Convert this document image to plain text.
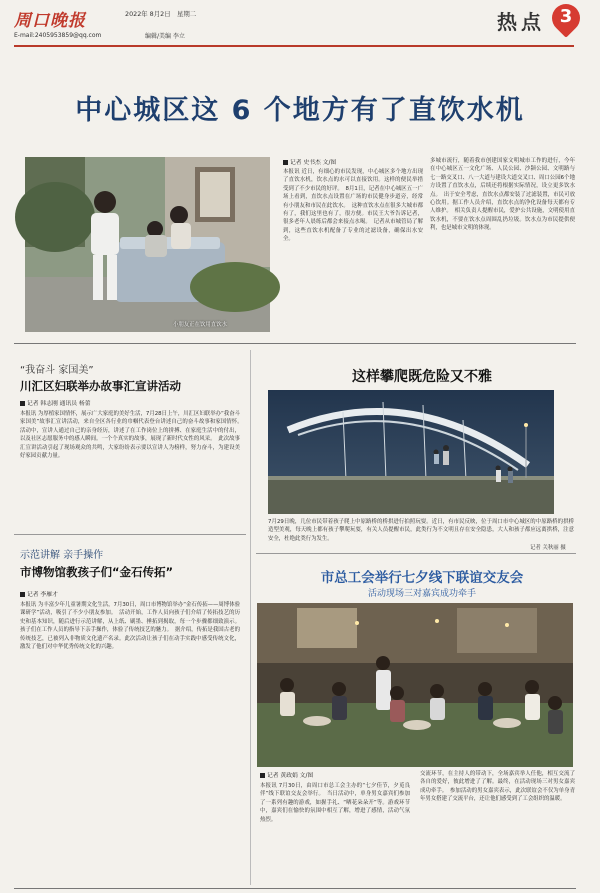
周口晚报
E-mail:2405953859@qq.com
2022年 8月2日　星期二
编辑/美编 李立
热点 3
中心城区这 6 个地方有了直饮水机
小朋友正在饮用直饮水
记者 史书杰 文/图
本报讯 近日，有细心的市民发现，中心城区多个地方出现了直饮水机，饮水点的水可以直接饮用。这样的便民举措受到了不少市民的好评。　8月1日，记者在中心城区五一广场上看到，直饮水点设置在广场的市民健身步道旁，经常有小朋友和市民在此饮水。　这种直饮水点在很多大城市都有了，我们这里也有了，很方便。市民王大爷告诉记者，很多老年人晨练后都会来接点水喝。　记者从市城管局了解到，这些直饮水机配备了专业的过滤设备，确保出水安全。
多城市流行，随着我市创建国家文明城市工作的进行，今年在中心城区五一文化广场、人民公园、沙颍公园、文明路与七一路交叉口、八一大道与建设大道交叉口、周口公园6个地方设置了直饮水点，后续还将根据实际情况，设立更多饮水点。　出于安全考虑，直饮水点都安装了过滤装置，市民可放心饮用。据工作人员介绍，直饮水点的净化设备每天都有专人维护。　相关负责人提醒市民，爱护公共设施，文明使用直饮水机，不要在饮水点周围乱扔垃圾。饮水点为市民提供便利，也是城市文明的体现。
“我奋斗 家国美”
川汇区妇联举办故事汇宣讲活动
记者 韩志刚 通讯员 杨蕾
本报讯 为厚植家国情怀，展示广大家庭的美好生活，7月28日上午，川汇区妇联举办“我奋斗 家国美”故事汇宣讲活动，来自全区各行业的巾帼代表登台讲述自己的奋斗故事和家国情怀。　活动中，宣讲人通过自己的亲身经历，讲述了在工作岗位上的拼搏、在家庭生活中的付出，以及社区志愿服务中的感人瞬间。一个个真实的故事，展现了新时代女性的风采。　此次故事汇宣讲活动引起了现场观众的共鸣，大家纷纷表示要以宣讲人为榜样，努力奋斗，为建设美好家园贡献力量。
示范讲解 亲手操作
市博物馆教孩子们“金石传拓”
记者 李雁才
本报讯 为丰富少年儿童暑期文化生活，7月30日，周口市博物馆举办“金石传拓——周博体验课研学”活动，吸引了不少小朋友参加。　活动开始，工作人员向孩子们介绍了传拓技艺的历史和基本知识，随后进行示范讲解，从上纸、刷墨、捶拓到揭取，每一个步骤都细致演示。孩子们在工作人员的指导下亲手操作，体验了传统技艺的魅力。　据介绍，传拓是我国古老的传统技艺，已被列入非物质文化遗产名录。此次活动让孩子们在动手实践中感受传统文化，激发了他们对中华优秀传统文化的兴趣。
这样攀爬既危险又不雅
7月29日晚，几位市民带着孩子爬上中原路桥的桥拱进行拍照玩耍。近日，有市民反映，位于周口市中心城区的中原路桥的拱桥造型美观，每天晚上都有孩子攀爬玩耍，有关人员提醒市民，此类行为不文明且存在安全隐患，大人和孩子都应远离拱桥，注意安全，杜绝此类行为发生。
记者 关秋丽 摄
市总工会举行七夕线下联谊交友会
活动现场三对嘉宾成功牵手
记者 黄政娟 文/图
本报讯 7月30日，由周口市总工会主办的“七夕佳节，夕觅良伴”线下联谊交友会举行。　当日活动中，单身男女嘉宾们参加了一系列有趣的游戏，如握手礼、“晒花朵朵开”等。游戏环节中，嘉宾们在愉快的氛围中相互了解，增进了感情，活动气氛热烈。
交流环节，在主持人的带动下，全场嘉宾举人任他，相互交流了各自的爱好，彼此增进了了解。最终，在活动现场三对男女嘉宾成功牵手。　参加活动的男女嘉宾表示，此次联谊会不仅为单身青年男女搭建了交流平台，还让他们感受到了工会组织的温暖。
